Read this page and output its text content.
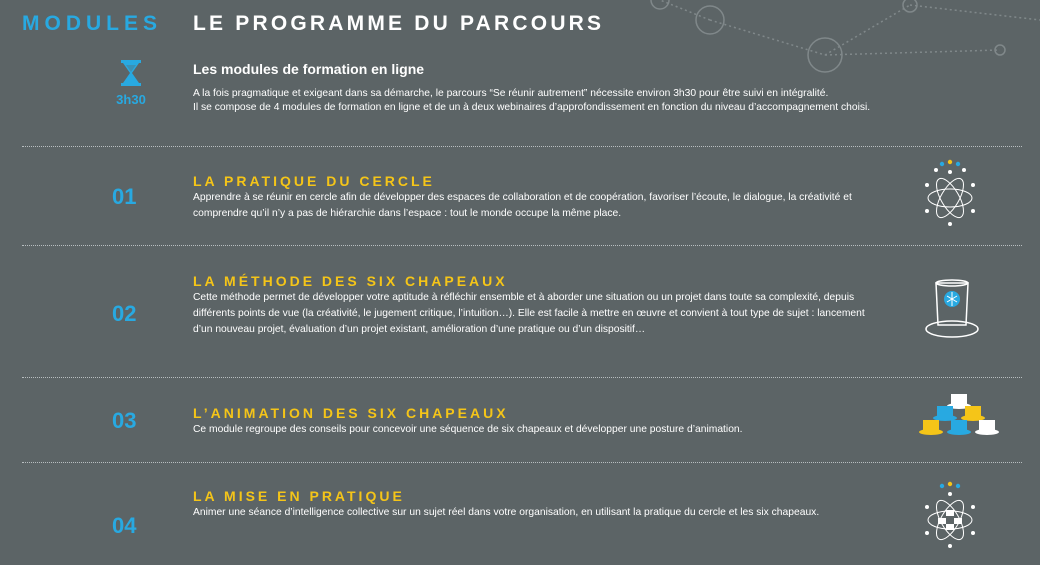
MODULES LE PROGRAMME DU PARCOURS
3h30
Les modules de formation en ligne
A la fois pragmatique et exigeant dans sa démarche, le parcours “Se réunir autrement” nécessite environ 3h30 pour être suivi en intégralité.
Il se compose de 4 modules de formation en ligne et de un à deux webinaires d’approfondissement en fonction du niveau d’accompagnement choisi.
01
LA PRATIQUE DU CERCLE
Apprendre à se réunir en cercle afin de développer des espaces de collaboration et de coopération, favoriser l’écoute, le dialogue, la créativité et comprendre qu’il n’y a pas de hiérarchie dans l’espace : tout le monde occupe la même place.
02
LA MÉTHODE DES SIX CHAPEAUX
Cette méthode permet de développer votre aptitude à réfléchir ensemble et à aborder une situation ou un projet dans toute sa complexité, depuis différents points de vue (la créativité, le jugement critique, l’intuition…). Elle est facile à mettre en œuvre et convient à tout type de sujet : lancement d’un nouveau projet, évaluation d’un projet existant, amélioration d’une pratique ou d’un dispositif…
03	L’ANIMATION DES SIX CHAPEAUX
Ce module regroupe des conseils pour concevoir une séquence de six chapeaux et développer une posture d’animation.
04
LA MISE EN PRATIQUE
Animer une séance d’intelligence collective sur un sujet réel dans votre organisation, en utilisant la pratique du cercle et les six chapeaux.
